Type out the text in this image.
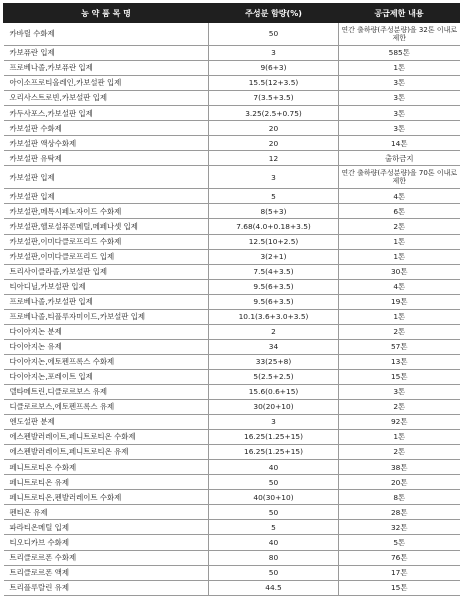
농 약 품 목 명	주성분 함량(%)	공급제한 내용
카바릴 수화제	50	연간 출하량(주성분량)을 32톤 이내로 제한
카보퓨란 입제	3	585톤
프로베나졸,카보퓨란 입제	9(6+3)	1톤
아이소프로티올레인,카보설판 입제	15.5(12+3.5)	3톤
오리사스트로빈,카보설판 입제	7(3.5+3.5)	3톤
카두사포스,카보설판 입제	3.25(2.5+0.75)	3톤
카보설판 수화제	20	3톤
카보설판 액상수화제	20	14톤
카보설판 유탁제	12	출하금지
카보설판 입제	3	연간 출하량(주성분량)을 70톤 이내로 제한
카보설판 입제	5	4톤
카보설판,메톡시페노자이드 수화제	8(5+3)	6톤
카보설판,헬로설퓨론메틸,메페나셋 입제	7.68(4.0+0.18+3.5)	2톤
카보설판,이미다클로프리드 수화제	12.5(10+2.5)	1톤
카보설판,이미다클로프리드 입제	3(2+1)	1톤
트리사이클라졸,카보설판 입제	7.5(4+3.5)	30톤
티아디닐,카보설판 입제	9.5(6+3.5)	4톤
프로베나졸,카보설판 입제	9.5(6+3.5)	19톤
프로베나졸,티플루자미이드,카보설판 입제	10.1(3.6+3.0+3.5)	1톤
다이아지논 분제	2	2톤
다이아지논 유제	34	57톤
다이아지논,에토펜프록스 수화제	33(25+8)	13톤
다이아지논,포레이트 입제	5(2.5+2.5)	15톤
델타메트린,디클로르보스 유제	15.6(0.6+15)	3톤
디클로르보스,에토펜프록스 유제	30(20+10)	2톤
엔도설판 분제	3	92톤
에스펜발러레이트,페니트로티온 수화제	16.25(1.25+15)	1톤
에스펜발러레이트,페니트로티온 유제	16.25(1.25+15)	2톤
페니트로티온 수화제	40	38톤
페니트로티온 유제	50	20톤
페니트로티온,펜발러레이트 수화제	40(30+10)	8톤
펜티온 유제	50	28톤
파라티온메틸 입제	5	32톤
티오디카브 수화제	40	5톤
트리클로르폰 수화제	80	76톤
트리클로르폰 액제	50	17톤
트리플루랄린 유제	44.5	15톤
